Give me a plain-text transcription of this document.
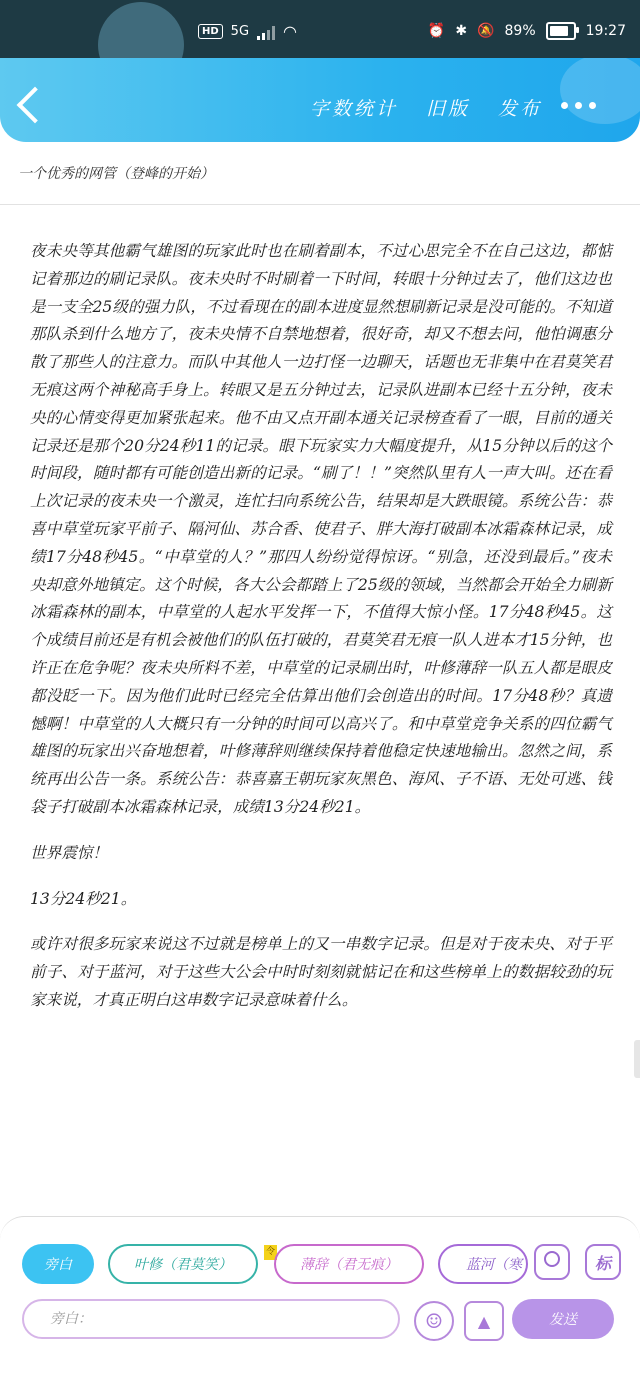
HD 5G ◠	⏰ ✱ 🔕 89%	19:27
字数统计 旧版 发布
一个优秀的网管（登峰的开始）

夜未央等其他霸气雄图的玩家此时也在刷着副本，不过心思完全不在自己这边，都惦记着那边的刷记录队。夜未央时不时刷着一下时间，转眼十分钟过去了，他们这边也是一支全25级的强力队，不过看现在的副本进度显然想刷新记录是没可能的。不知道那队杀到什么地方了，夜未央情不自禁地想着，很好奇，却又不想去问，他怕调惠分散了那些人的注意力。而队中其他人一边打怪一边聊天，话题也无非集中在君莫笑君无痕这两个神秘高手身上。转眼又是五分钟过去，记录队进副本已经十五分钟，夜未央的心情变得更加紧张起来。他不由又点开副本通关记录榜查看了一眼，目前的通关记录还是那个20分24秒11的记录。眼下玩家实力大幅度提升，从15分钟以后的这个时间段，随时都有可能创造出新的记录。“刷了！！”突然队里有人一声大叫。还在看上次记录的夜未央一个激灵，连忙扫向系统公告，结果却是大跌眼镜。系统公告：恭喜中草堂玩家平前子、隔河仙、苏合香、使君子、胖大海打破副本冰霜森林记录，成绩17分48秒45。“中草堂的人？”那四人纷纷觉得惊讶。“别急，还没到最后。”夜未央却意外地镇定。这个时候，各大公会都踏上了25级的领域，当然都会开始全力刷新冰霜森林的副本，中草堂的人起水平发挥一下，不值得大惊小怪。17分48秒45。这个成绩目前还是有机会被他们的队伍打破的，君莫笑君无痕一队人进本才15分钟，也许正在危争呢？夜未央所料不差，中草堂的记录刷出时，叶修薄辞一队五人都是眼皮都没眨一下。因为他们此时已经完全估算出他们会创造出的时间。17分48秒？真遗憾啊！中草堂的人大概只有一分钟的时间可以高兴了。和中草堂竞争关系的四位霸气雄图的玩家出兴奋地想着，叶修薄辞则继续保持着他稳定快速地输出。忽然之间，系统再出公告一条。系统公告：恭喜嘉王朝玩家灰黑色、海风、子不语、无处可逃、钱袋子打破副本冰霜森林记录，成绩13分24秒21。

世界震惊！

13分24秒21。

或许对很多玩家来说这不过就是榜单上的又一串数字记录。但是对于夜未央、对于平前子、对于蓝河，对于这些大公会中时时刻刻就惦记在和这些榜单上的数据较劲的玩家来说，才真正明白这串数字记录意味着什么。

旁白	叶修（君莫笑）
令
薄辞（君无痕）	蓝河（寒	标
旁白：	☺	▲	发送
